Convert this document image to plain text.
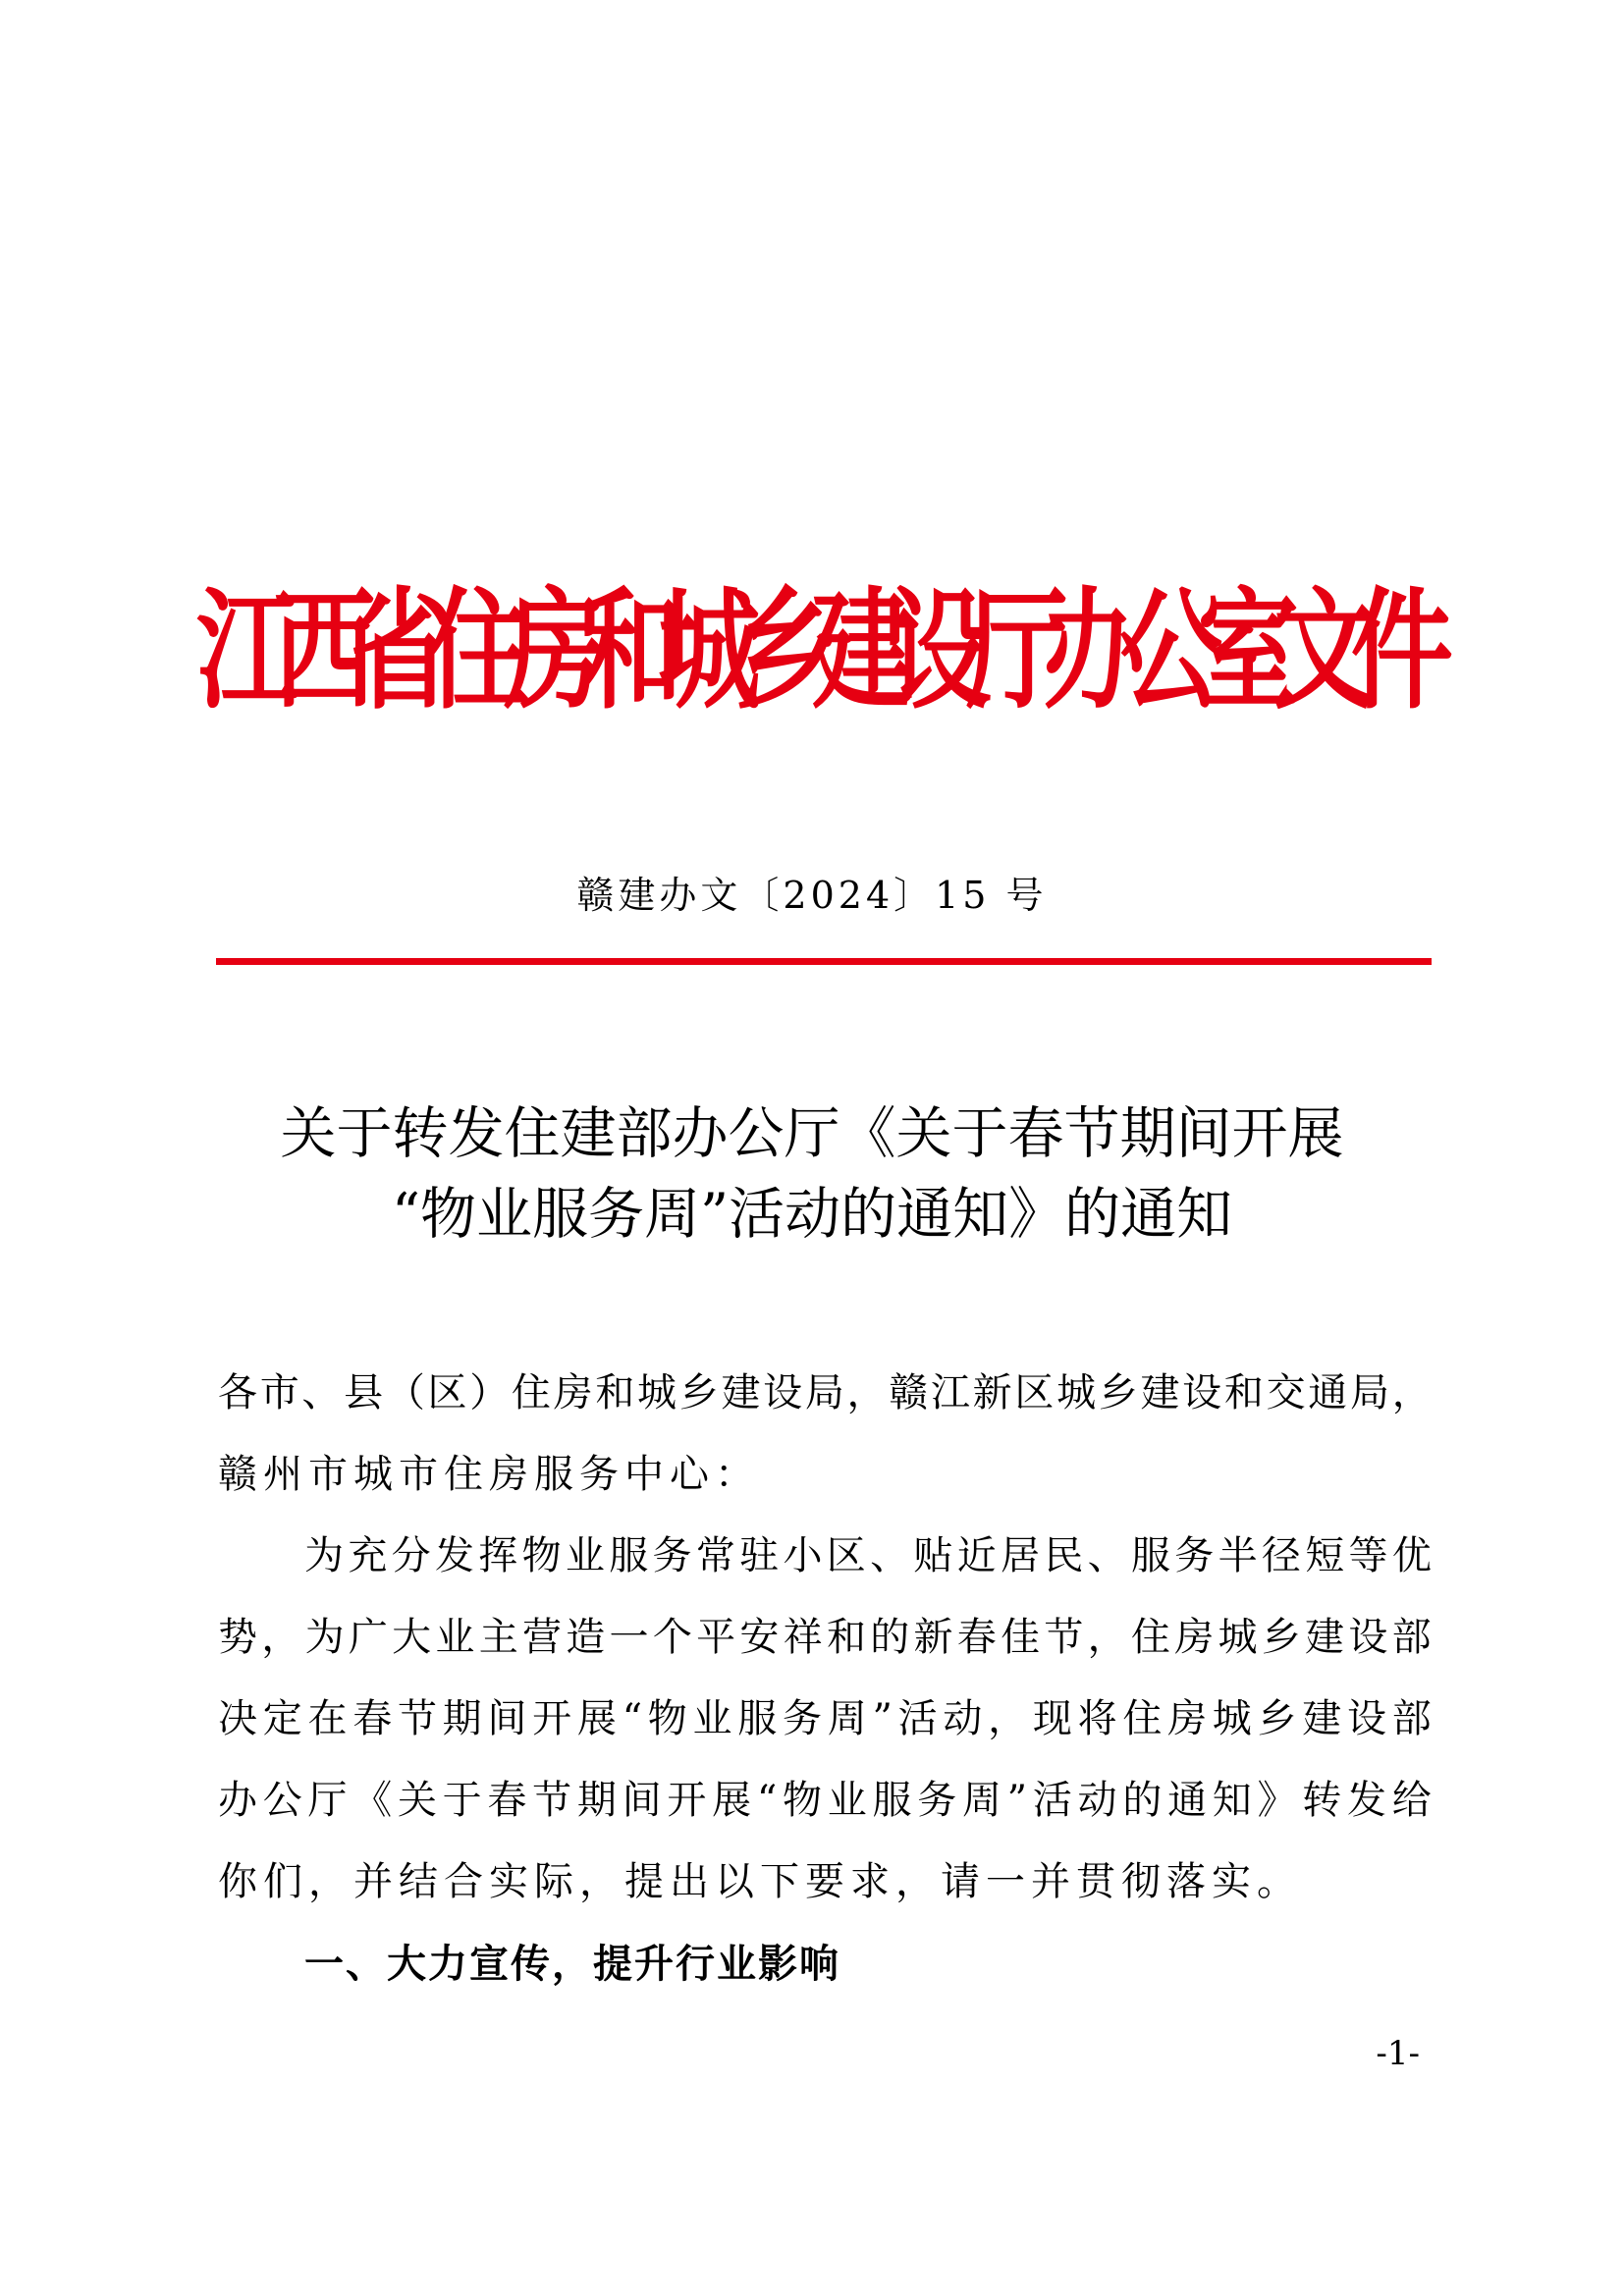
江
西
省
住
房
和
城
乡
建
设
厅
办
公
室
文
件
赣建办文〔2024〕15 号
关于转发住建部办公厅《关于春节期间开展
“物业服务周”活动的通知》的通知
各 市 、 县 （ 区 ） 住 房 和 城 乡 建 设 局 ， 赣 江 新 区 城 乡 建 设 和 交 通 局 ，
赣州市城市住房服务中心：
为 充 分 发 挥 物 业 服 务 常 驻 小 区 、 贴 近 居 民 、 服 务 半 径 短 等 优
势 ， 为 广 大 业 主 营 造 一 个 平 安 祥 和 的 新 春 佳 节 ， 住 房 城 乡 建 设 部
决 定 在 春 节 期 间 开 展 “ 物 业 服 务 周 ” 活 动 ， 现 将 住 房 城 乡 建 设 部
办 公 厅 《 关 于 春 节 期 间 开 展 “ 物 业 服 务 周 ” 活 动 的 通 知 》 转 发 给
你们，并结合实际，提出以下要求，请一并贯彻落实。
一、大力宣传，提升行业影响
-1-
